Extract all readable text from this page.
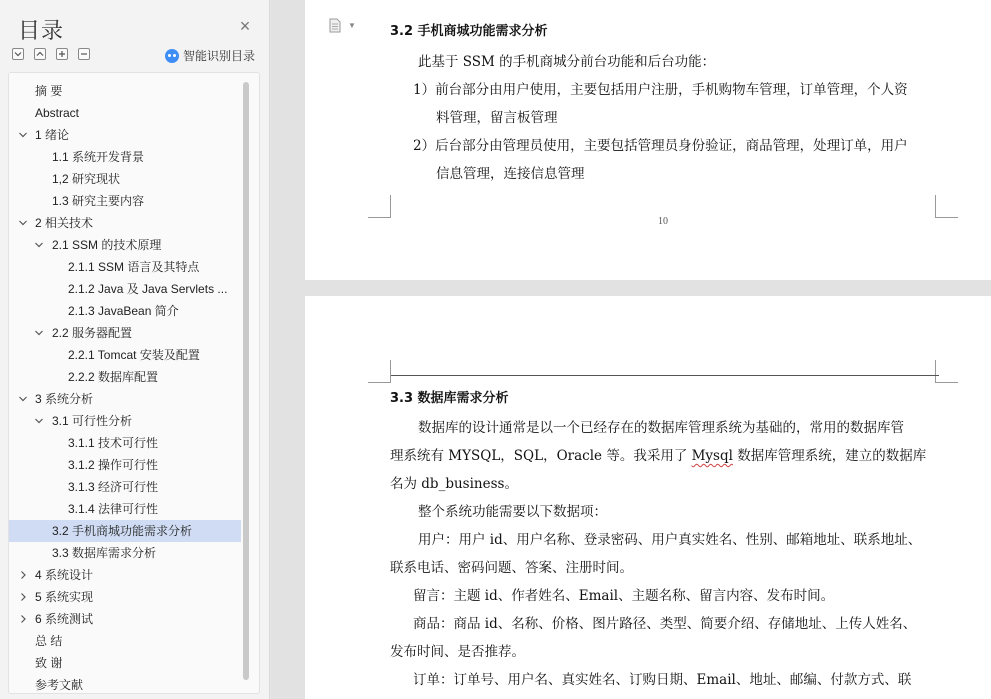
目录	×
智能识别目录
摘 要
Abstract
1 绪论
1.1 系统开发背景
1,2 研究现状
1.3 研究主要内容
2 相关技术
2.1 SSM 的技术原理
2.1.1 SSM 语言及其特点
2.1.2 Java 及 Java Servlets ...
2.1.3 JavaBean 简介
2.2 服务器配置
2.2.1 Tomcat 安装及配置
2.2.2 数据库配置
3 系统分析
3.1 可行性分析
3.1.1 技术可行性
3.1.2 操作可行性
3.1.3 经济可行性
3.1.4 法律可行性
3.2 手机商城功能需求分析
3.3 数据库需求分析
4 系统设计
5 系统实现
6 系统测试
总 结
致 谢
参考文献
▼	3.2 手机商城功能需求分析
此基于 SSM 的手机商城分前台功能和后台功能：
1）前台部分由用户使用，主要包括用户注册，手机购物车管理，订单管理，个人资
料管理，留言板管理
2）后台部分由管理员使用，主要包括管理员身份验证，商品管理，处理订单，用户
信息管理，连接信息管理
10
3.3 数据库需求分析
数据库的设计通常是以一个已经存在的数据库管理系统为基础的，常用的数据库管
理系统有 MYSQL，SQL，Oracle 等。我采用了 Mysql 数据库管理系统，建立的数据库
名为 db_business。
整个系统功能需要以下数据项：
用户：用户 id、用户名称、登录密码、用户真实姓名、性别、邮箱地址、联系地址、
联系电话、密码问题、答案、注册时间。
留言：主题 id、作者姓名、Email、主题名称、留言内容、发布时间。
商品：商品 id、名称、价格、图片路径、类型、简要介绍、存储地址、上传人姓名、
发布时间、是否推荐。
订单：订单号、用户名、真实姓名、订购日期、Email、地址、邮编、付款方式、联
